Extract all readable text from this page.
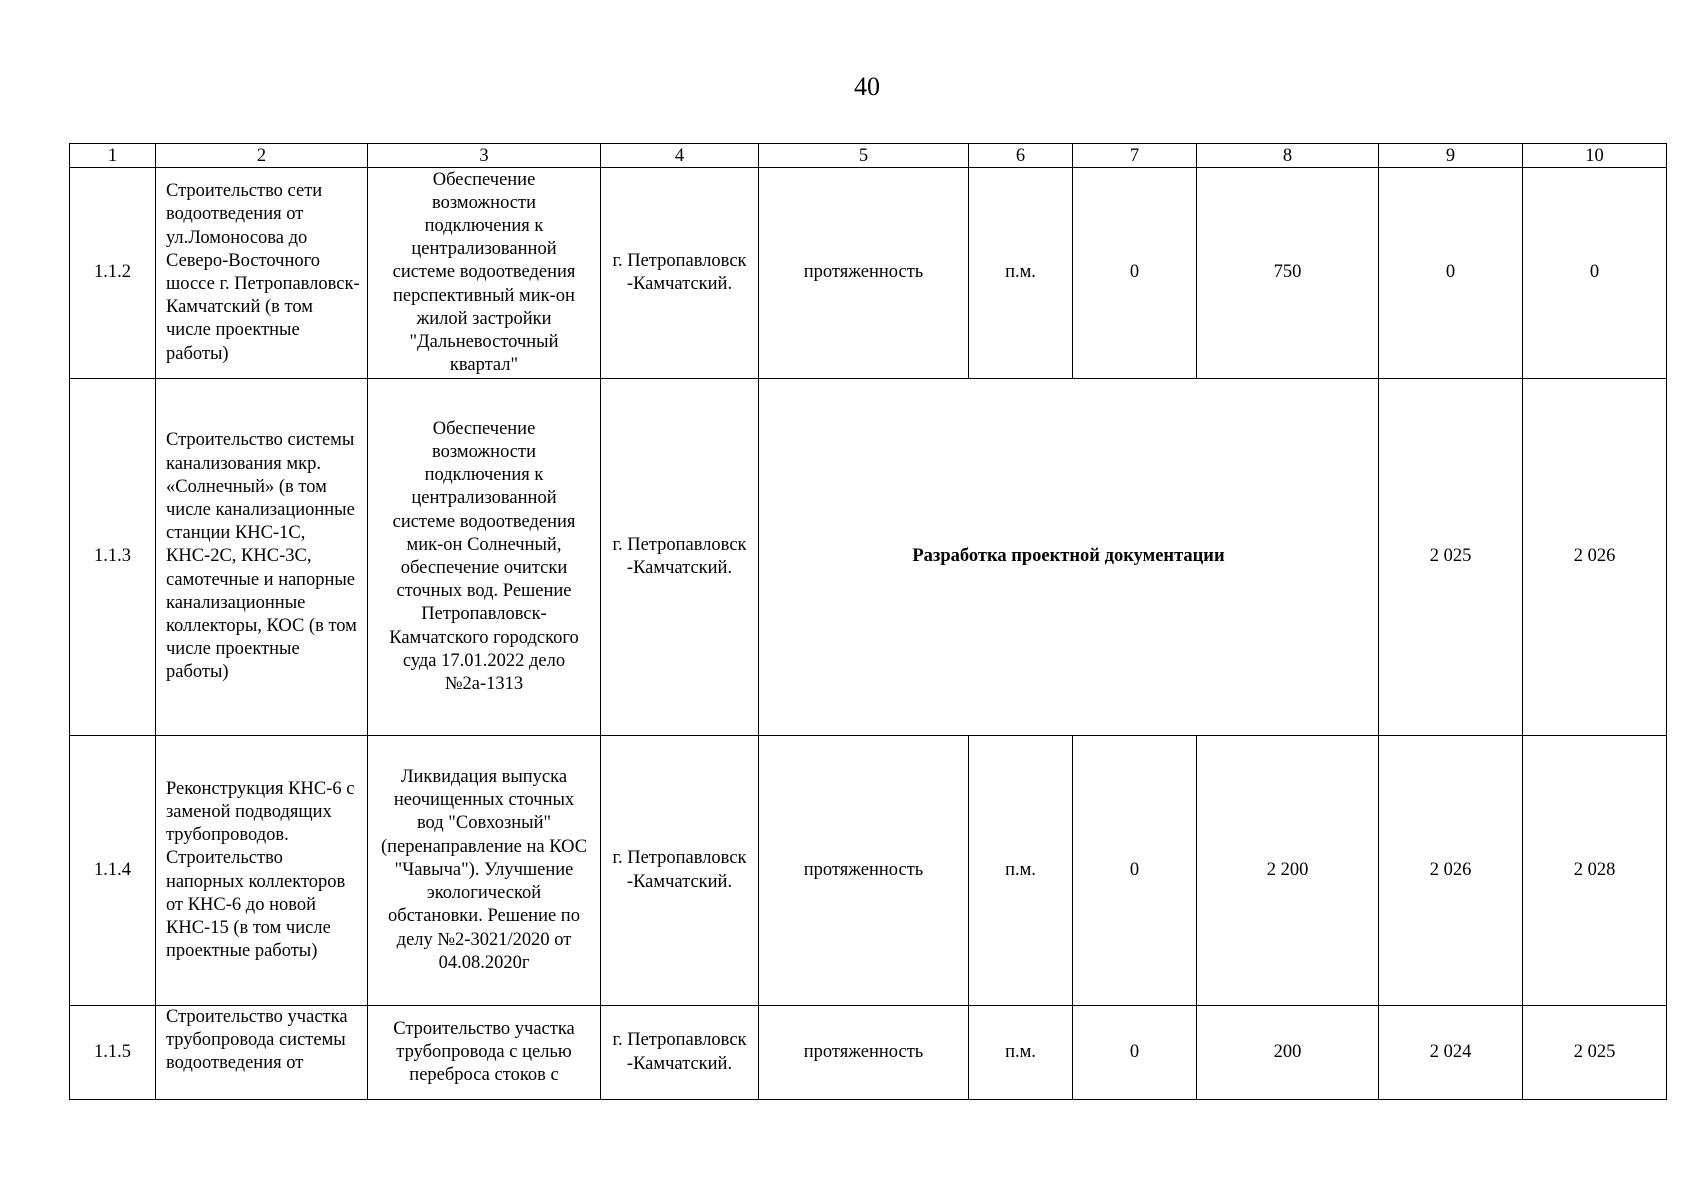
40
1	2	3	4	5	6	7	8	9	10
1.1.2	Строительство сети водоотведения от ул.Ломоносова до Северо-Восточного шоссе г. Петропавловск-Камчатский (в том числе проектные работы)	Обеспечение возможности подключения к централизованной системе водоотведения перспективный мик-он жилой застройки "Дальневосточный квартал"	г. Петропавловск -Камчатский.	протяженность	п.м.	0	750	0	0
1.1.3	Строительство системы канализования мкр. «Солнечный» (в том числе канализационные станции КНС-1С, КНС-2С, КНС-3С, самотечные и напорные канализационные коллекторы, КОС (в том числе проектные работы)	Обеспечение возможности подключения к централизованной системе водоотведения мик-он Солнечный, обеспечение очитски сточных вод. Решение Петропавловск-Камчатского городского суда 17.01.2022 дело №2а-1313	г. Петропавловск -Камчатский.	Разработка проектной документации				2 025	2 026
1.1.4	Реконструкция КНС-6 с заменой подводящих трубопроводов. Строительство напорных коллекторов от КНС-6 до новой КНС-15 (в том числе проектные работы)	Ликвидация выпуска неочищенных сточных вод "Совхозный" (перенаправление на КОС "Чавыча"). Улучшение экологической обстановки. Решение по делу №2-3021/2020 от 04.08.2020г	г. Петропавловск -Камчатский.	протяженность	п.м.	0	2 200	2 026	2 028
1.1.5	Строительство участка трубопровода системы водоотведения от	Строительство участка трубопровода с целью переброса стоков с	г. Петропавловск -Камчатский.	протяженность	п.м.	0	200	2 024	2 025
